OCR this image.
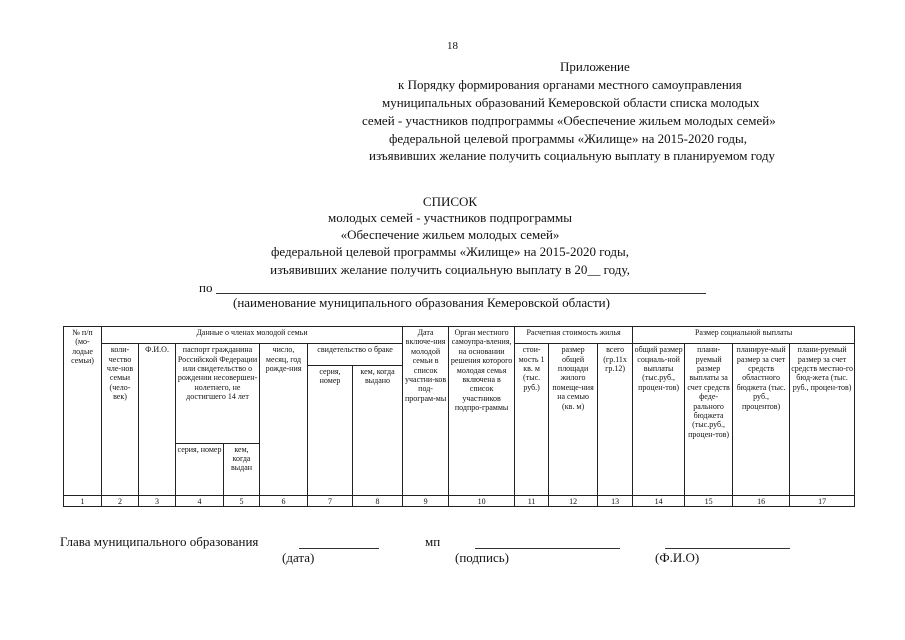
18
Приложение
к Порядку формирования органами местного самоуправления
муниципальных образований Кемеровской области списка молодых
семей - участников подпрограммы «Обеспечение жильем молодых семей»
федеральной целевой программы «Жилище» на 2015-2020 годы,
изъявивших желание получить социальную выплату в планируемом году
СПИСОК
молодых семей - участников подпрограммы
«Обеспечение жильем молодых семей»
федеральной целевой программы «Жилище» на 2015-2020 годы,
изъявивших желание получить социальную выплату в 20__ году,
по
(наименование муниципального образования Кемеровской области)
№ п/п (мо-лодые семьи)	Данные о членах молодой семьи							Дата включе-ния молодой семьи в список участни-ков под-програм-мы	Орган местного самоупра-вления, на основании решения которого молодая семья включена в список участников подпро-граммы	Расчетная стоимость жилья			Размер социальной выплаты			
	коли-чество чле-нов семьи (чело-век)	Ф.И.О.	паспорт гражданина Российской Федерации или свидетельство о рождении несовершен-нолетнего, не достигшего 14 лет		число, месяц, год рожде-ния	свидетельство о браке				стои-мость 1 кв. м (тыс. руб.)	размер общей площади жилого помеще-ния на семью (кв. м)	всего (гр.11х гр.12)	общий размер социаль-ной выплаты (тыс.руб., процен-тов)	плани-руемый размер выплаты за счет средств феде-рального бюджета (тыс.руб., процен-тов)	планируе-мый размер за счет средств областного бюджета (тыс. руб., процентов)	плани-руемый размер за счет средств местно-го бюд-жета (тыс. руб., процен-тов)
						серия, номер	кем, когда выдано									
			серия, номер	кем, когда выдан												
1	2	3	4	5	6	7	8	9	10	11	12	13	14	15	16	17
Глава муниципального образования	мп
(дата)	(подпись)	(Ф.И.О)
